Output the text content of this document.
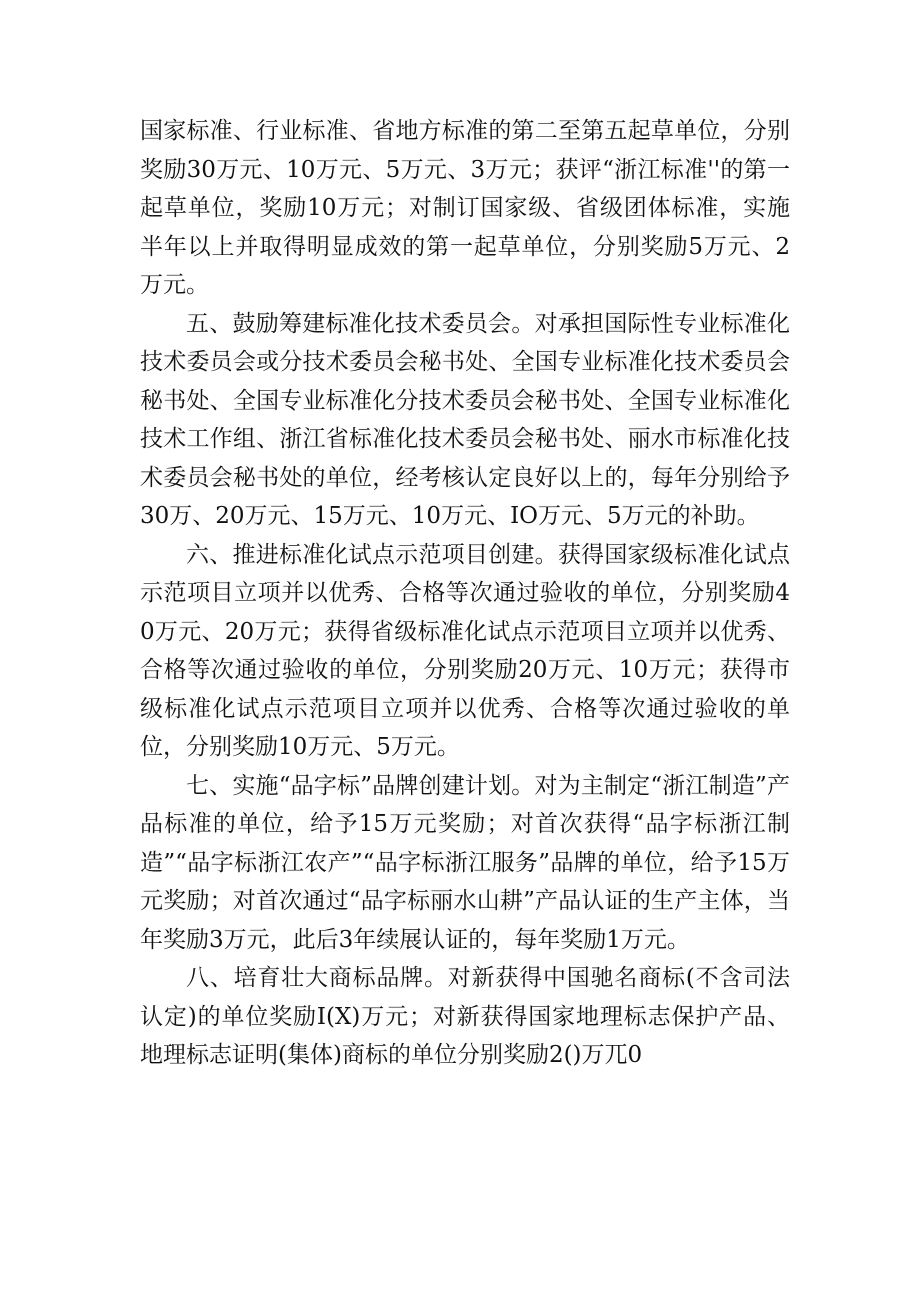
国家标准、行业标准、省地方标准的第二至第五起草单位，分别奖励30万元、10万元、5万元、3万元；获评“浙江标准''的第一起草单位，奖励10万元；对制订国家级、省级团体标准，实施半年以上并取得明显成效的第一起草单位，分别奖励5万元、2万元。

五、鼓励筹建标准化技术委员会。对承担国际性专业标准化技术委员会或分技术委员会秘书处、全国专业标准化技术委员会秘书处、全国专业标准化分技术委员会秘书处、全国专业标准化技术工作组、浙江省标准化技术委员会秘书处、丽水市标准化技术委员会秘书处的单位，经考核认定良好以上的，每年分别给予30万、20万元、15万元、10万元、IO万元、5万元的补助。

六、推进标准化试点示范项目创建。获得国家级标准化试点示范项目立项并以优秀、合格等次通过验收的单位，分别奖励40万元、20万元；获得省级标准化试点示范项目立项并以优秀、合格等次通过验收的单位，分别奖励20万元、10万元；获得市级标准化试点示范项目立项并以优秀、合格等次通过验收的单位，分别奖励10万元、5万元。

七、实施“品字标”品牌创建计划。对为主制定“浙江制造”产品标准的单位，给予15万元奖励；对首次获得“品字标浙江制造”“品字标浙江农产”“品字标浙江服务”品牌的单位，给予15万元奖励；对首次通过“品字标丽水山耕”产品认证的生产主体，当年奖励3万元，此后3年续展认证的，每年奖励1万元。

八、培育壮大商标品牌。对新获得中国驰名商标(不含司法认定)的单位奖励I(X)万元；对新获得国家地理标志保护产品、地理标志证明(集体)商标的单位分别奖励2()万兀0
